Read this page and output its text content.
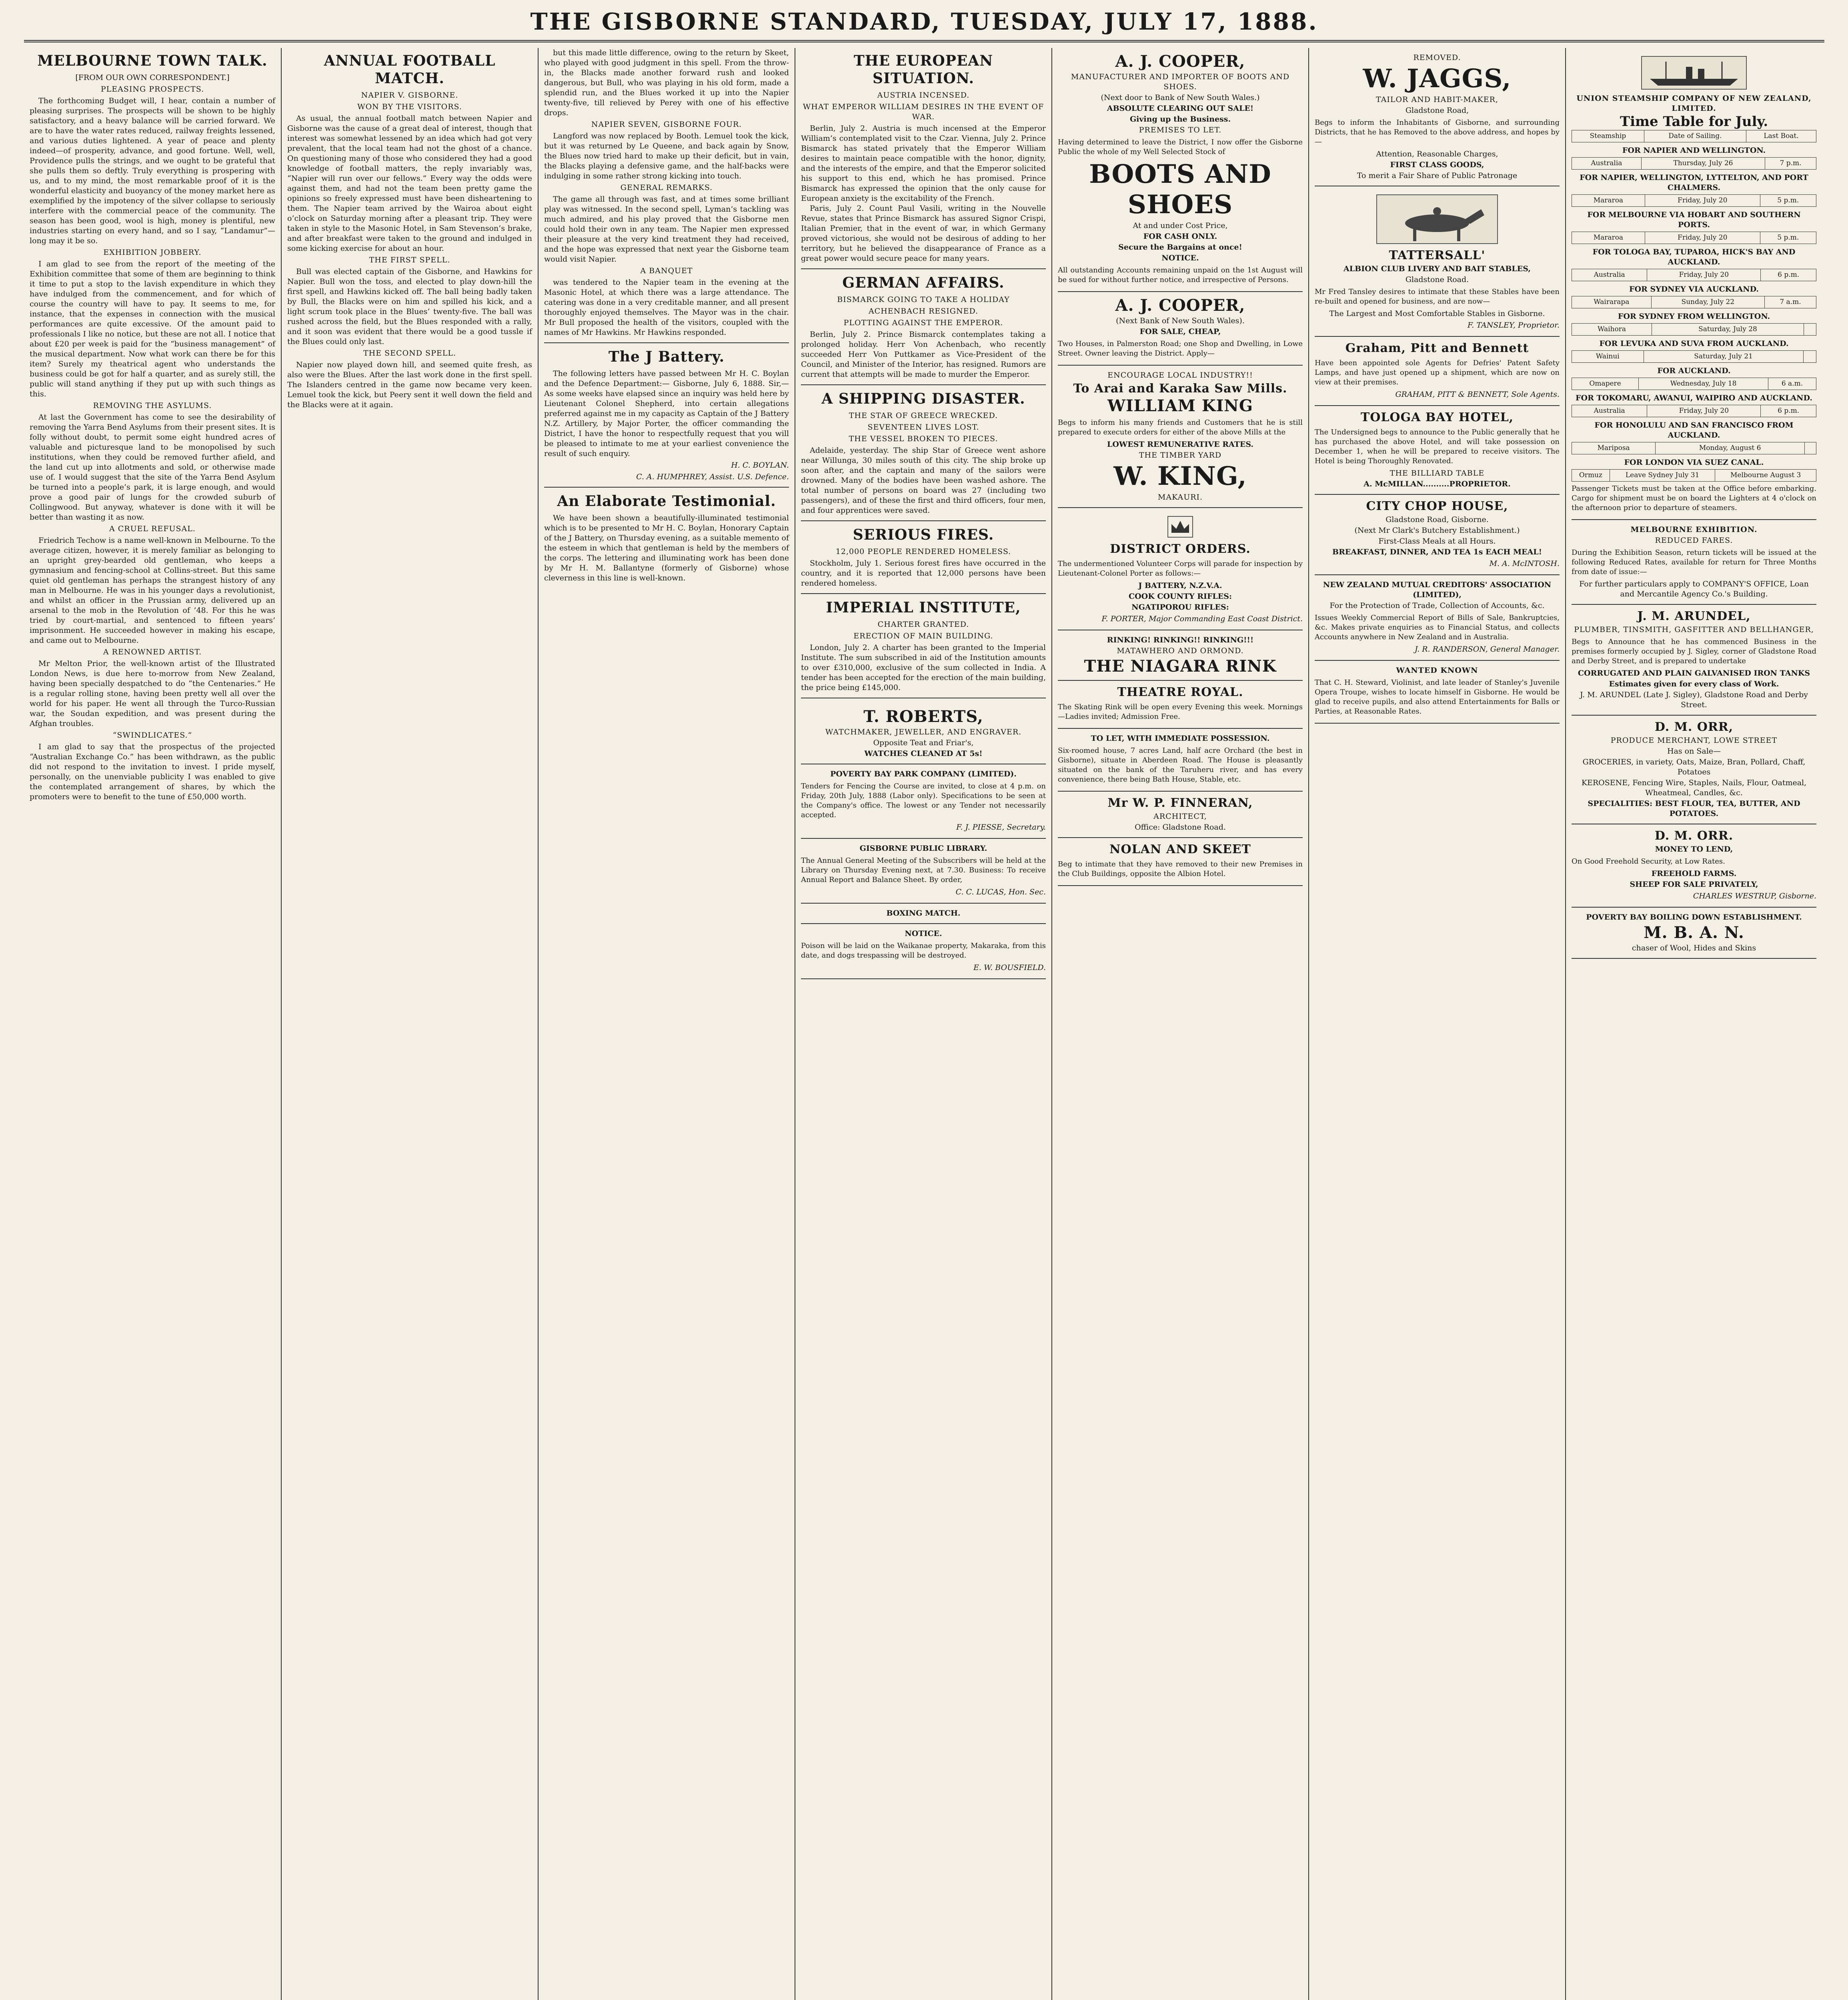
THE GISBORNE STANDARD, TUESDAY, JULY 17, 1888.
MELBOURNE TOWN TALK.
[FROM OUR OWN CORRESPONDENT.]
PLEASING PROSPECTS.

The forthcoming Budget will, I hear, contain a number of pleasing surprises. The prospects will be shown to be highly satisfactory, and a heavy balance will be carried forward. We are to have the water rates reduced, railway freights lessened, and various duties lightened. A year of peace and plenty indeed—of prosperity, advance, and good fortune. Well, well, Providence pulls the strings, and we ought to be grateful that she pulls them so deftly. Truly everything is prospering with us, and to my mind, the most remarkable proof of it is the wonderful elasticity and buoyancy of the money market here as exemplified by the impotency of the silver collapse to seriously interfere with the commercial peace of the community. The season has been good, wool is high, money is plentiful, new industries starting on every hand, and so I say, “Landamur”—long may it be so.

EXHIBITION JOBBERY.

I am glad to see from the report of the meeting of the Exhibition committee that some of them are beginning to think it time to put a stop to the lavish expenditure in which they have indulged from the commencement, and for which of course the country will have to pay. It seems to me, for instance, that the expenses in connection with the musical performances are quite excessive. Of the amount paid to professionals I like no notice, but these are not all. I notice that about £20 per week is paid for the “business management” of the musical department. Now what work can there be for this item? Surely my theatrical agent who understands the business could be got for half a quarter, and as surely still, the public will stand anything if they put up with such things as this.

REMOVING THE ASYLUMS.

At last the Government has come to see the desirability of removing the Yarra Bend Asylums from their present sites. It is folly without doubt, to permit some eight hundred acres of valuable and picturesque land to be monopolised by such institutions, when they could be removed further afield, and the land cut up into allotments and sold, or otherwise made use of. I would suggest that the site of the Yarra Bend Asylum be turned into a people’s park, it is large enough, and would prove a good pair of lungs for the crowded suburb of Collingwood. But anyway, whatever is done with it will be better than wasting it as now.

A CRUEL REFUSAL.

Friedrich Techow is a name well-known in Melbourne. To the average citizen, however, it is merely familiar as belonging to an upright grey-bearded old gentleman, who keeps a gymnasium and fencing-school at Collins-street. But this same quiet old gentleman has perhaps the strangest history of any man in Melbourne. He was in his younger days a revolutionist, and whilst an officer in the Prussian army, delivered up an arsenal to the mob in the Revolution of ’48. For this he was tried by court-martial, and sentenced to fifteen years’ imprisonment. He succeeded however in making his escape, and came out to Melbourne.

A RENOWNED ARTIST.

Mr Melton Prior, the well-known artist of the Illustrated London News, is due here to-morrow from New Zealand, having been specially despatched to do “the Centenaries.” He is a regular rolling stone, having been pretty well all over the world for his paper. He went all through the Turco-Russian war, the Soudan expedition, and was present during the Afghan troubles.

“SWINDLICATES.”

I am glad to say that the prospectus of the projected “Australian Exchange Co.” has been withdrawn, as the public did not respond to the invitation to invest. I pride myself, personally, on the unenviable publicity I was enabled to give the contemplated arrangement of shares, by which the promoters were to benefit to the tune of £50,000 worth.

ANNUAL FOOTBALL MATCH.
NAPIER V. GISBORNE.
WON BY THE VISITORS.

As usual, the annual football match between Napier and Gisborne was the cause of a great deal of interest, though that interest was somewhat lessened by an idea which had got very prevalent, that the local team had not the ghost of a chance. On questioning many of those who considered they had a good knowledge of football matters, the reply invariably was, “Napier will run over our fellows.” Every way the odds were against them, and had not the team been pretty game the opinions so freely expressed must have been disheartening to them. The Napier team arrived by the Wairoa about eight o’clock on Saturday morning after a pleasant trip. They were taken in style to the Masonic Hotel, in Sam Stevenson’s brake, and after breakfast were taken to the ground and indulged in some kicking exercise for about an hour.

THE FIRST SPELL.

Bull was elected captain of the Gisborne, and Hawkins for Napier. Bull won the toss, and elected to play down-hill the first spell, and Hawkins kicked off. The ball being badly taken by Bull, the Blacks were on him and spilled his kick, and a light scrum took place in the Blues’ twenty-five. The ball was rushed across the field, but the Blues responded with a rally, and it soon was evident that there would be a good tussle if the Blues could only last.

THE SECOND SPELL.

Napier now played down hill, and seemed quite fresh, as also were the Blues. After the last work done in the first spell. The Islanders centred in the game now became very keen. Lemuel took the kick, but Peery sent it well down the field and the Blacks were at it again.

but this made little difference, owing to the return by Skeet, who played with good judgment in this spell. From the throw-in, the Blacks made another forward rush and looked dangerous, but Bull, who was playing in his old form, made a splendid run, and the Blues worked it up into the Napier twenty-five, till relieved by Perey with one of his effective drops.

NAPIER SEVEN, GISBORNE FOUR.

Langford was now replaced by Booth. Lemuel took the kick, but it was returned by Le Queene, and back again by Snow, the Blues now tried hard to make up their deficit, but in vain, the Blacks playing a defensive game, and the half-backs were indulging in some rather strong kicking into touch.

GENERAL REMARKS.

The game all through was fast, and at times some brilliant play was witnessed. In the second spell, Lyman’s tackling was much admired, and his play proved that the Gisborne men could hold their own in any team. The Napier men expressed their pleasure at the very kind treatment they had received, and the hope was expressed that next year the Gisborne team would visit Napier.

A BANQUET

was tendered to the Napier team in the evening at the Masonic Hotel, at which there was a large attendance. The catering was done in a very creditable manner, and all present thoroughly enjoyed themselves. The Mayor was in the chair. Mr Bull proposed the health of the visitors, coupled with the names of Mr Hawkins. Mr Hawkins responded.

The J Battery.

The following letters have passed between Mr H. C. Boylan and the Defence Department:— Gisborne, July 6, 1888. Sir,—As some weeks have elapsed since an inquiry was held here by Lieutenant Colonel Shepherd, into certain allegations preferred against me in my capacity as Captain of the J Battery N.Z. Artillery, by Major Porter, the officer commanding the District, I have the honor to respectfully request that you will be pleased to intimate to me at your earliest convenience the result of such enquiry.

H. C. BOYLAN.
C. A. HUMPHREY, Assist. U.S. Defence.
An Elaborate Testimonial.

We have been shown a beautifully-illuminated testimonial which is to be presented to Mr H. C. Boylan, Honorary Captain of the J Battery, on Thursday evening, as a suitable memento of the esteem in which that gentleman is held by the members of the corps. The lettering and illuminating work has been done by Mr H. M. Ballantyne (formerly of Gisborne) whose cleverness in this line is well-known.

THE EUROPEAN SITUATION.
AUSTRIA INCENSED.
WHAT EMPEROR WILLIAM DESIRES IN THE EVENT OF WAR.

Berlin, July 2. Austria is much incensed at the Emperor William’s contemplated visit to the Czar. Vienna, July 2. Prince Bismarck has stated privately that the Emperor William desires to maintain peace compatible with the honor, dignity, and the interests of the empire, and that the Emperor solicited his support to this end, which he has promised. Prince Bismarck has expressed the opinion that the only cause for European anxiety is the excitability of the French.

Paris, July 2. Count Paul Vasili, writing in the Nouvelle Revue, states that Prince Bismarck has assured Signor Crispi, Italian Premier, that in the event of war, in which Germany proved victorious, she would not be desirous of adding to her territory, but he believed the disappearance of France as a great power would secure peace for many years.

GERMAN AFFAIRS.
BISMARCK GOING TO TAKE A HOLIDAY
ACHENBACH RESIGNED.
PLOTTING AGAINST THE EMPEROR.

Berlin, July 2. Prince Bismarck contemplates taking a prolonged holiday. Herr Von Achenbach, who recently succeeded Herr Von Puttkamer as Vice-President of the Council, and Minister of the Interior, has resigned. Rumors are current that attempts will be made to murder the Emperor.

A SHIPPING DISASTER.
THE STAR OF GREECE WRECKED.
SEVENTEEN LIVES LOST.
THE VESSEL BROKEN TO PIECES.

Adelaide, yesterday. The ship Star of Greece went ashore near Willunga, 30 miles south of this city. The ship broke up soon after, and the captain and many of the sailors were drowned. Many of the bodies have been washed ashore. The total number of persons on board was 27 (including two passengers), and of these the first and third officers, four men, and four apprentices were saved.

SERIOUS FIRES.
12,000 PEOPLE RENDERED HOMELESS.

Stockholm, July 1. Serious forest fires have occurred in the country, and it is reported that 12,000 persons have been rendered homeless.

IMPERIAL INSTITUTE,
CHARTER GRANTED.
ERECTION OF MAIN BUILDING.

London, July 2. A charter has been granted to the Imperial Institute. The sum subscribed in aid of the Institution amounts to over £310,000, exclusive of the sum collected in India. A tender has been accepted for the erection of the main building, the price being £145,000.

T. ROBERTS,
WATCHMAKER, JEWELLER, AND ENGRAVER.
Opposite Teat and Friar's,
WATCHES CLEANED AT 5s!
POVERTY BAY PARK COMPANY (LIMITED).

Tenders for Fencing the Course are invited, to close at 4 p.m. on Friday, 20th July, 1888 (Labor only). Specifications to be seen at the Company's office. The lowest or any Tender not necessarily accepted.

F. J. PIESSE, Secretary.
GISBORNE PUBLIC LIBRARY.

The Annual General Meeting of the Subscribers will be held at the Library on Thursday Evening next, at 7.30. Business: To receive Annual Report and Balance Sheet. By order,

C. C. LUCAS, Hon. Sec.
BOXING MATCH.
NOTICE.

Poison will be laid on the Waikanae property, Makaraka, from this date, and dogs trespassing will be destroyed.

E. W. BOUSFIELD.
A. J. COOPER,
MANUFACTURER AND IMPORTER OF BOOTS AND SHOES.
(Next door to Bank of New South Wales.)
ABSOLUTE CLEARING OUT SALE!
Giving up the Business.
PREMISES TO LET.

Having determined to leave the District, I now offer the Gisborne Public the whole of my Well Selected Stock of

BOOTS AND SHOES
At and under Cost Price,
FOR CASH ONLY.
Secure the Bargains at once!
NOTICE.

All outstanding Accounts remaining unpaid on the 1st August will be sued for without further notice, and irrespective of Persons.

A. J. COOPER,
(Next Bank of New South Wales).
FOR SALE, CHEAP,

Two Houses, in Palmerston Road; one Shop and Dwelling, in Lowe Street. Owner leaving the District. Apply—

ENCOURAGE LOCAL INDUSTRY!!
To Arai and Karaka Saw Mills.
WILLIAM KING

Begs to inform his many friends and Customers that he is still prepared to execute orders for either of the above Mills at the

LOWEST REMUNERATIVE RATES.
THE TIMBER YARD
W. KING,
MAKAURI.
DISTRICT ORDERS.

The undermentioned Volunteer Corps will parade for inspection by Lieutenant-Colonel Porter as follows:—

J BATTERY, N.Z.V.A.
COOK COUNTY RIFLES:
NGATIPOROU RIFLES:
F. PORTER, Major Commanding East Coast District.
RINKING! RINKING!! RINKING!!!
MATAWHERO AND ORMOND.
THE NIAGARA RINK
THEATRE ROYAL.

The Skating Rink will be open every Evening this week. Mornings—Ladies invited; Admission Free.

TO LET, WITH IMMEDIATE POSSESSION.

Six-roomed house, 7 acres Land, half acre Orchard (the best in Gisborne), situate in Aberdeen Road. The House is pleasantly situated on the bank of the Taruheru river, and has every convenience, there being Bath House, Stable, etc.

Mr W. P. FINNERAN,
ARCHITECT,
Office: Gladstone Road.
NOLAN AND SKEET

Beg to intimate that they have removed to their new Premises in the Club Buildings, opposite the Albion Hotel.

REMOVED.
W. JAGGS,
TAILOR AND HABIT-MAKER,
Gladstone Road,

Begs to inform the Inhabitants of Gisborne, and surrounding Districts, that he has Removed to the above address, and hopes by—

Attention, Reasonable Charges,
FIRST CLASS GOODS,
To merit a Fair Share of Public Patronage
TATTERSALL'
ALBION CLUB LIVERY AND BAIT STABLES,
Gladstone Road.

Mr Fred Tansley desires to intimate that these Stables have been re-built and opened for business, and are now—

The Largest and Most Comfortable Stables in Gisborne.
F. TANSLEY, Proprietor.
Graham, Pitt and Bennett

Have been appointed sole Agents for Defries' Patent Safety Lamps, and have just opened up a shipment, which are now on view at their premises.

GRAHAM, PITT & BENNETT, Sole Agents.
TOLOGA BAY HOTEL,

The Undersigned begs to announce to the Public generally that he has purchased the above Hotel, and will take possession on December 1, when he will be prepared to receive visitors. The Hotel is being Thoroughly Renovated.

THE BILLIARD TABLE
A. McMILLAN..........PROPRIETOR.
CITY CHOP HOUSE,
Gladstone Road, Gisborne.
(Next Mr Clark's Butchery Establishment.)
First-Class Meals at all Hours.
BREAKFAST, DINNER, AND TEA 1s EACH MEAL!
M. A. McINTOSH.
NEW ZEALAND MUTUAL CREDITORS' ASSOCIATION (LIMITED),
For the Protection of Trade, Collection of Accounts, &c.

Issues Weekly Commercial Report of Bills of Sale, Bankruptcies, &c. Makes private enquiries as to Financial Status, and collects Accounts anywhere in New Zealand and in Australia.

J. R. RANDERSON, General Manager.
WANTED KNOWN

That C. H. Steward, Violinist, and late leader of Stanley's Juvenile Opera Troupe, wishes to locate himself in Gisborne. He would be glad to receive pupils, and also attend Entertainments for Balls or Parties, at Reasonable Rates.

UNION STEAMSHIP COMPANY OF NEW ZEALAND, LIMITED.
Time Table for July.
Steamship	Date of Sailing.	Last Boat.
FOR NAPIER AND WELLINGTON.
Australia	Thursday, July 26	7 p.m.
FOR NAPIER, WELLINGTON, LYTTELTON, AND PORT CHALMERS.
Mararoa	Friday, July 20	5 p.m.
FOR MELBOURNE VIA HOBART AND SOUTHERN PORTS.
Mararoa	Friday, July 20	5 p.m.
FOR TOLOGA BAY, TUPAROA, HICK'S BAY AND AUCKLAND.
Australia	Friday, July 20	6 p.m.
FOR SYDNEY VIA AUCKLAND.
Wairarapa	Sunday, July 22	7 a.m.
FOR SYDNEY FROM WELLINGTON.
Waihora	Saturday, July 28	
FOR LEVUKA AND SUVA FROM AUCKLAND.
Wainui	Saturday, July 21	
FOR AUCKLAND.
Omapere	Wednesday, July 18	6 a.m.
FOR TOKOMARU, AWANUI, WAIPIRO AND AUCKLAND.
Australia	Friday, July 20	6 p.m.
FOR HONOLULU AND SAN FRANCISCO FROM AUCKLAND.
Mariposa	Monday, August 6	
FOR LONDON VIA SUEZ CANAL.
Ormuz	Leave Sydney July 31	Melbourne August 3

Passenger Tickets must be taken at the Office before embarking. Cargo for shipment must be on board the Lighters at 4 o'clock on the afternoon prior to departure of steamers.

MELBOURNE EXHIBITION.
REDUCED FARES.

During the Exhibition Season, return tickets will be issued at the following Reduced Rates, available for return for Three Months from date of issue:—

For further particulars apply to COMPANY'S OFFICE, Loan and Mercantile Agency Co.'s Building.
J. M. ARUNDEL,
PLUMBER, TINSMITH, GASFITTER AND BELLHANGER,

Begs to Announce that he has commenced Business in the premises formerly occupied by J. Sigley, corner of Gladstone Road and Derby Street, and is prepared to undertake

CORRUGATED AND PLAIN GALVANISED IRON TANKS
Estimates given for every class of Work.
J. M. ARUNDEL (Late J. Sigley), Gladstone Road and Derby Street.
D. M. ORR,
PRODUCE MERCHANT, LOWE STREET
Has on Sale—
GROCERIES, in variety, Oats, Maize, Bran, Pollard, Chaff, Potatoes
KEROSENE, Fencing Wire, Staples, Nails, Flour, Oatmeal, Wheatmeal, Candles, &c.
SPECIALITIES: BEST FLOUR, TEA, BUTTER, AND POTATOES.
D. M. ORR.
MONEY TO LEND,

On Good Freehold Security, at Low Rates.

FREEHOLD FARMS.
SHEEP FOR SALE PRIVATELY,
CHARLES WESTRUP, Gisborne.
POVERTY BAY BOILING DOWN ESTABLISHMENT.
M. B. A. N.
chaser of Wool, Hides and Skins
